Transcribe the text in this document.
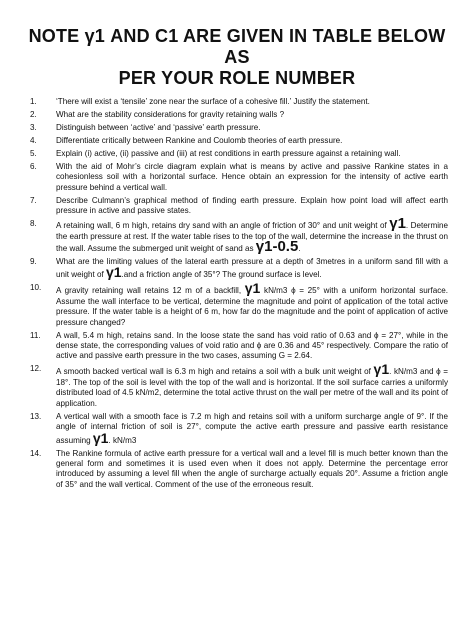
NOTE γ1 AND C1 ARE GIVEN IN TABLE BELOW AS
PER YOUR ROLE NUMBER
1.	‘There will exist a ‘tensile’ zone near the surface of a cohesive fill.’ Justify the statement.
2.	What are the stability considerations for gravity retaining walls ?
3.	Distinguish between ‘active’ and ‘passive’ earth pressure.
4.	Differentiate critically between Rankine and Coulomb theories of earth pressure.
5.	Explain (i) active, (ii) passive and (iii) at rest conditions in earth pressure against a retaining wall.
6.	With the aid of Mohr’s circle diagram explain what is means by active and passive Rankine states in a cohesionless soil with a horizontal surface. Hence obtain an expression for the intensity of active earth pressure behind a vertical wall.
7.	Describe Culmann’s graphical method of finding earth pressure. Explain how point load will affect earth pressure in active and passive states.
8.	A retaining wall, 6 m high, retains dry sand with an angle of friction of 30° and unit weight of γ1. Determine the earth pressure at rest. If the water table rises to the top of the wall, determine the increase in the thrust on the wall. Assume the submerged unit weight of sand as γ1-0.5.
9.	What are the limiting values of the lateral earth pressure at a depth of 3metres in a uniform sand fill with a unit weight of γ1.and a friction angle of 35°? The ground surface is level.
10.	A gravity retaining wall retains 12 m of a backfill, γ1 kN/m3 ϕ = 25° with a uniform horizontal surface. Assume the wall interface to be vertical, determine the magnitude and point of application of the total active pressure. If the water table is a height of 6 m, how far do the magnitude and the point of application of active pressure changed?
11.	A wall, 5.4 m high, retains sand. In the loose state the sand has void ratio of 0.63 and ϕ = 27°, while in the dense state, the corresponding values of void ratio and ϕ are 0.36 and 45° respectively. Compare the ratio of active and passive earth pressure in the two cases, assuming G = 2.64.
12.	A smooth backed vertical wall is 6.3 m high and retains a soil with a bulk unit weight of γ1. kN/m3 and ϕ = 18°. The top of the soil is level with the top of the wall and is horizontal. If the soil surface carries a uniformly distributed load of 4.5 kN/m2, determine the total active thrust on the wall per metre of the wall and its point of application.
13.	A vertical wall with a smooth face is 7.2 m high and retains soil with a uniform surcharge angle of 9°. If the angle of internal friction of soil is 27°, compute the active earth pressure and passive earth resistance assuming γ1. kN/m3
14.	The Rankine formula of active earth pressure for a vertical wall and a level fill is much better known than the general form and sometimes it is used even when it does not apply. Determine the percentage error introduced by assuming a level fill when the angle of surcharge actually equals 20°. Assume a friction angle of 35° and the wall vertical. Comment of the use of the erroneous result.
